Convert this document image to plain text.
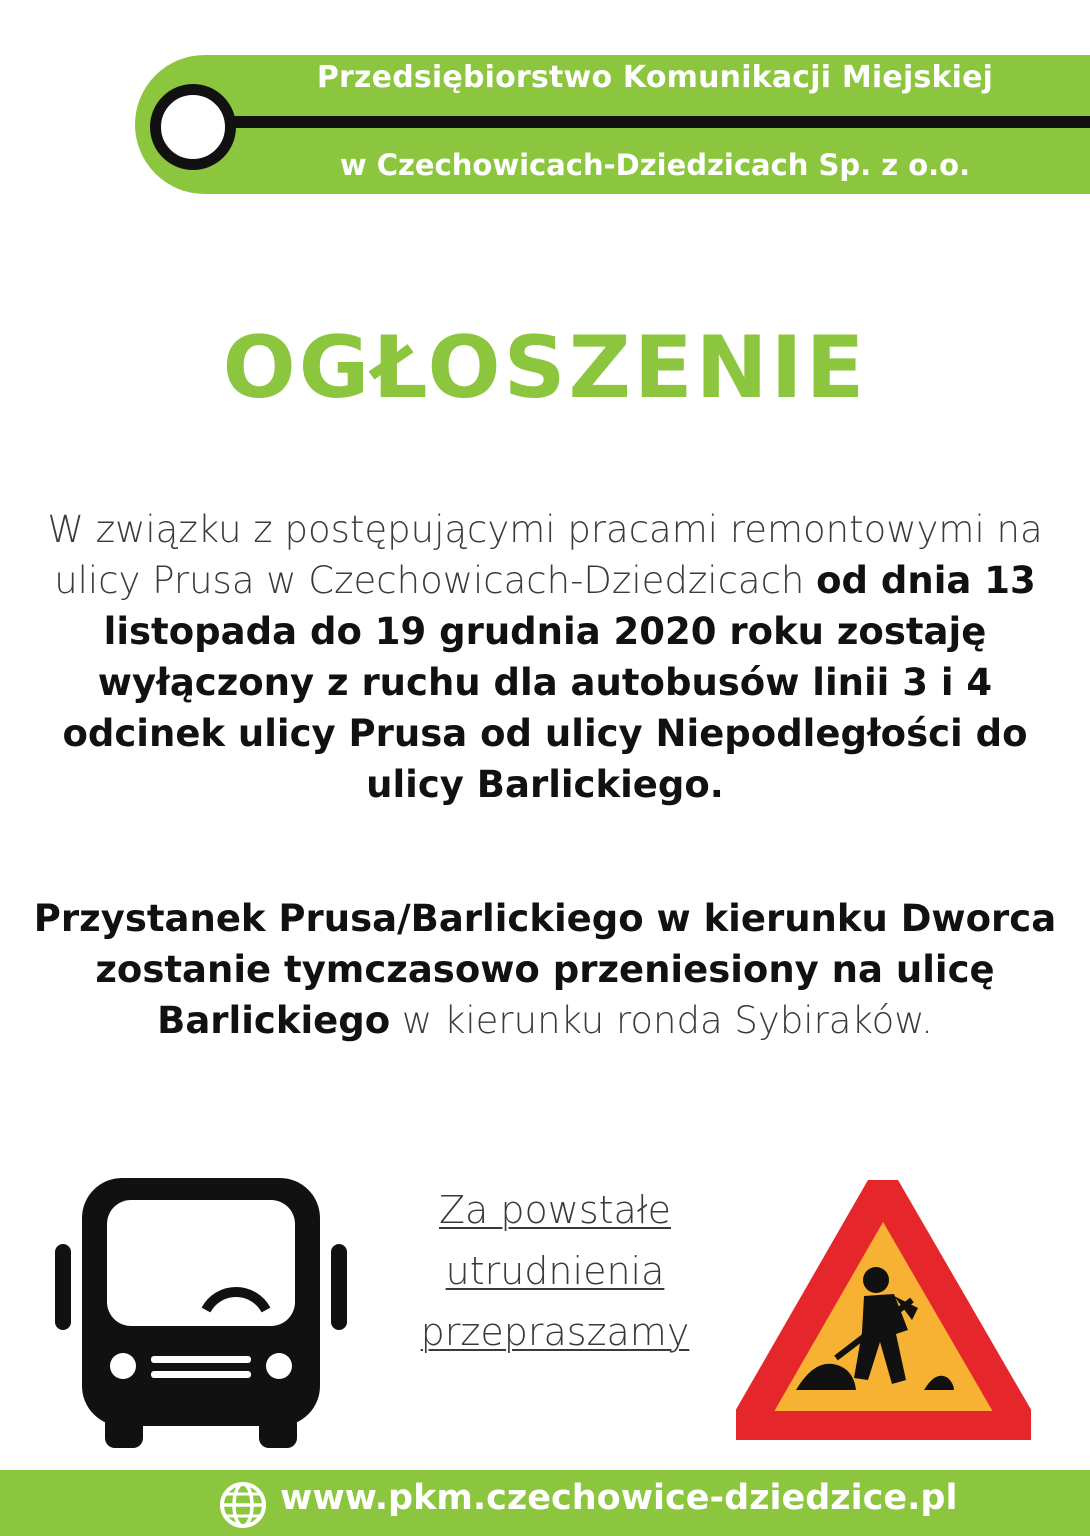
Przedsiębiorstwo Komunikacji Miejskiej
w Czechowicach-Dziedzicach Sp. z o.o.
OGŁOSZENIE
W związku z postępującymi pracami remontowymi na ulicy Prusa w Czechowicach-Dziedzicach od dnia 13 listopada do 19 grudnia 2020 roku zostaję wyłączony z ruchu dla autobusów linii 3 i 4 odcinek ulicy Prusa od ulicy Niepodległości do ulicy Barlickiego.
Przystanek Prusa/Barlickiego w kierunku Dworca zostanie tymczasowo przeniesiony na ulicę Barlickiego w kierunku ronda Sybiraków.
Za powstałe
utrudnienia
przepraszamy
www.pkm.czechowice-dziedzice.pl
